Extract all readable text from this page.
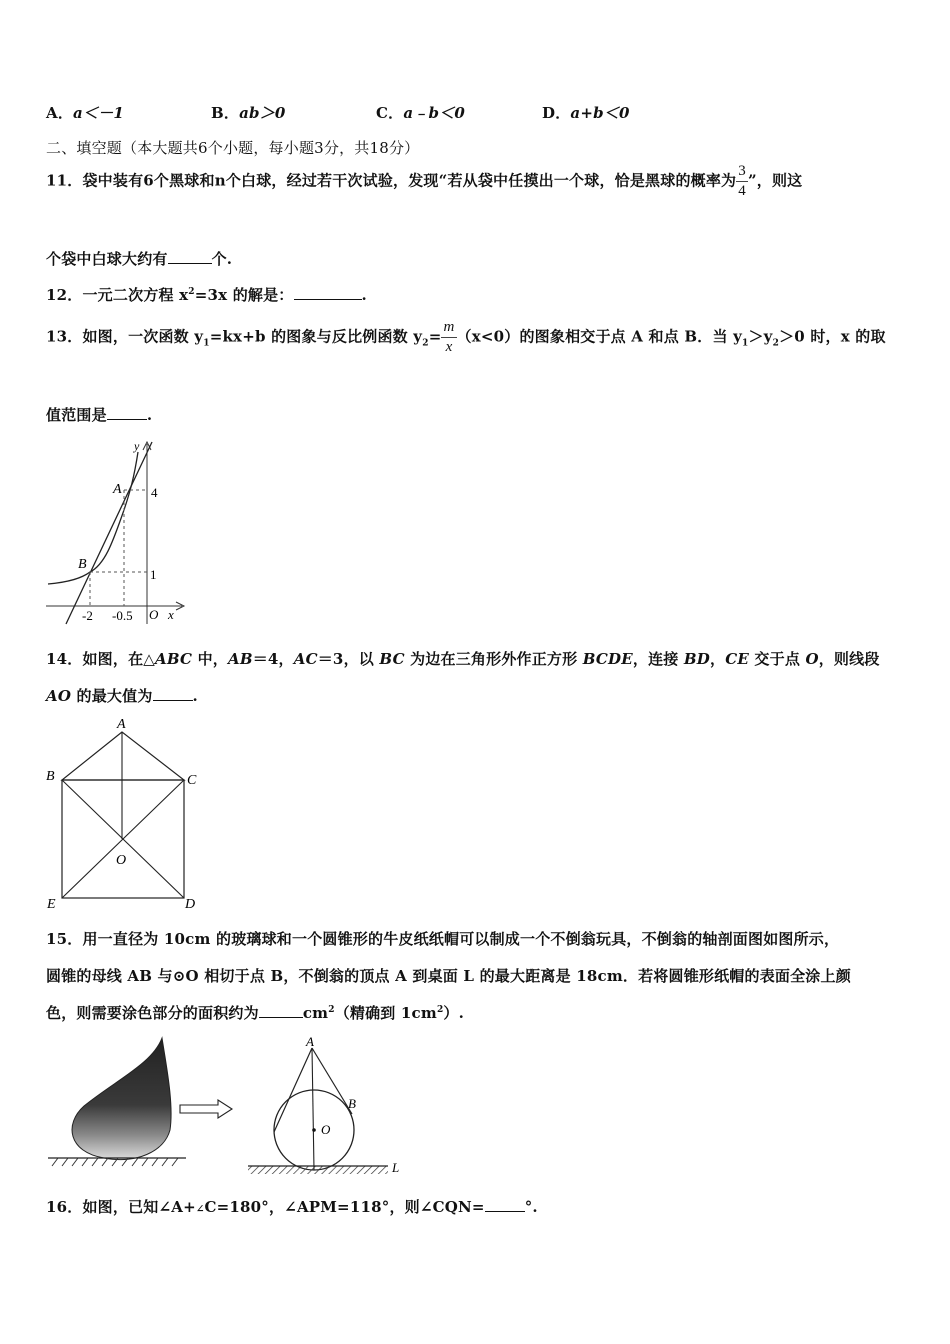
A．a＜－1	B．ab＞0	C．a﹣b＜0	D．a+b＜0
二、填空题（本大题共6个小题，每小题3分，共18分）
11．袋中装有6个黑球和n个白球，经过若干次试验，发现“若从袋中任摸出一个球，恰是黑球的概率为 $\frac{3}{4}$ ”，则这
个袋中白球大约有	个.
12．一元二次方程 $x^2=3x$ 的解是：	.
13．如图，一次函数 $y_1=kx+b$ 的图象与反比例函数 $y_2= \frac{m}{x} (x<0)$的图象相交于点 A 和点 B．当 $y_1>y_2>0$ 时，x 的取
值范围是	.
y
A 4
B
1
-2 -0.5 O x
14．如图，在△ABC 中，AB＝4，AC＝3，以 BC 为边在三角形外作正方形 BCDE，连接 BD，CE 交于点 O，则线段
AO 的最大值为	.
A
B	C
O
E	D
15．用一直径为 10cm 的玻璃球和一个圆锥形的牛皮纸纸帽可以制成一个不倒翁玩具，不倒翁的轴剖面图如图所示，
圆锥的母线 AB 与⊙O 相切于点 B，不倒翁的顶点 A 到桌面 L 的最大距离是 18cm．若将圆锥形纸帽的表面全涂上颜
色，则需要涂色部分的面积约为	$cm^2$（精确到 $1cm^2$）.
A
B
O
L
16．如图，已知∠A+∠C=180°，∠APM=118°，则∠CQN=	°.
